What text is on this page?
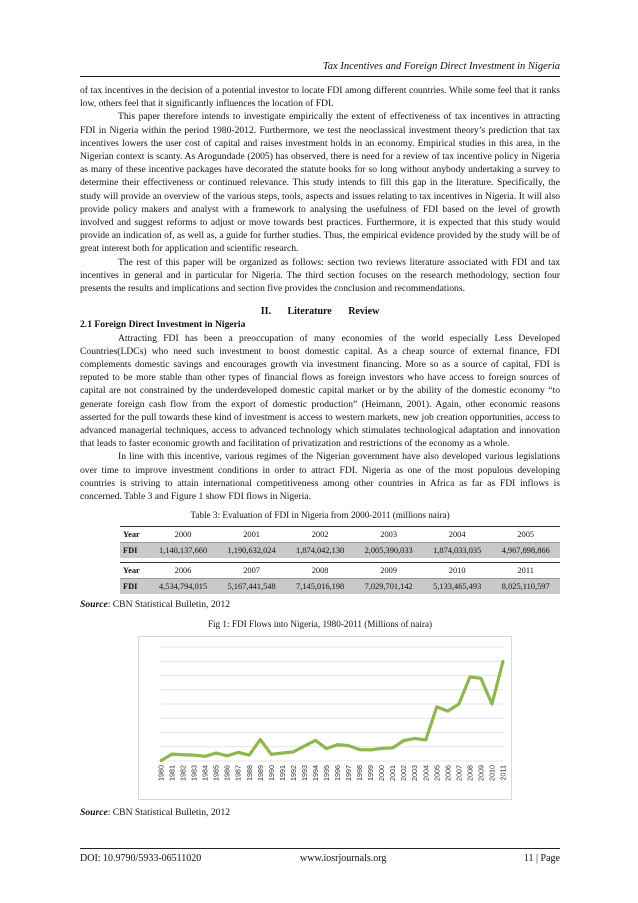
Tax Incentives and Foreign Direct Investment in Nigeria

of tax incentives in the decision of a potential investor to locate FDI among different countries. While some feel that it ranks low, others feel that it significantly influences the location of FDI.

This paper therefore intends to investigate empirically the extent of effectiveness of tax incentives in attracting FDI in Nigeria within the period 1980-2012. Furthermore, we test the neoclassical investment theory’s prediction that tax incentives lowers the user cost of capital and raises investment holds in an economy. Empirical studies in this area, in the Nigerian context is scanty. As Arogundade (2005) has observed, there is need for a review of tax incentive policy in Nigeria as many of these incentive packages have decorated the statute books for so long without anybody undertaking a survey to determine their effectiveness or continued relevance. This study intends to fill this gap in the literature. Specifically, the study will provide an overview of the various steps, tools, aspects and issues relating to tax incentives in Nigeria. It will also provide policy makers and analyst with a framework to analysing the usefulness of FDI based on the level of growth involved and suggest reforms to adjust or move towards best practices. Furthermore, it is expected that this study would provide an indication of, as well as, a guide for further studies. Thus, the empirical evidence provided by the study will be of great interest both for application and scientific research.

The rest of this paper will be organized as follows: section two reviews literature associated with FDI and tax incentives in general and in particular for Nigeria. The third section focuses on the research methodology, section four presents the results and implications and section five provides the conclusion and recommendations.

II. Literature Review

2.1 Foreign Direct Investment in Nigeria

Attracting FDI has been a preoccupation of many economies of the world especially Less Developed Countries(LDCs) who need such investment to boost domestic capital. As a cheap source of external finance, FDI complements domestic savings and encourages growth via investment financing. More so as a source of capital, FDI is reputed to be more stable than other types of financial flows as foreign investors who have access to foreign sources of capital are not constrained by the underdeveloped domestic capital market or by the ability of the domestic economy “to generate foreign cash flow from the export of domestic production” (Heimann, 2001). Again, other economic reasons asserted for the pull towards these kind of investment is access to western markets, new job creation opportunities, access to advanced managerial techniques, access to advanced technology which stimulates technological adaptation and innovation that leads to faster economic growth and facilitation of privatization and restrictions of the economy as a whole.

In line with this incentive, various regimes of the Nigerian government have also developed various legislations over time to improve investment conditions in order to attract FDI. Nigeria as one of the most populous developing countries is striving to attain international competitiveness among other countries in Africa as far as FDI inflows is concerned. Table 3 and Figure 1 show FDI flows in Nigeria.

Table 3: Evaluation of FDI in Nigeria from 2000-2011 (millions naira)

Year	2000	2001	2002	2003	2004	2005
FDI	1,140,137,660	1,190,632,024	1,874,042,130	2,005,390,033	1,874,033,035	4,967,898,866

Year	2006	2007	2008	2009	2010	2011
FDI	4,534,794,015	5,167,441,548	7,145,016,198	7,029,701,142	5,133,465,493	8,025,110,597

Source: CBN Statistical Bulletin, 2012

Fig 1: FDI Flows into Nigeria, 1980-2011 (Millions of naira)

1980 1981 1982 1983 1984 1985 1986 1987 1988 1989 1990 1991 1992 1993 1994 1995 1996 1997 1998 1999 2000 2001 2002 2003 2004 2005 2006 2007 2008 2009 2010 2011

Source: CBN Statistical Bulletin, 2012

DOI: 10.9790/5933-06511020	www.iosrjournals.org	11 | Page
